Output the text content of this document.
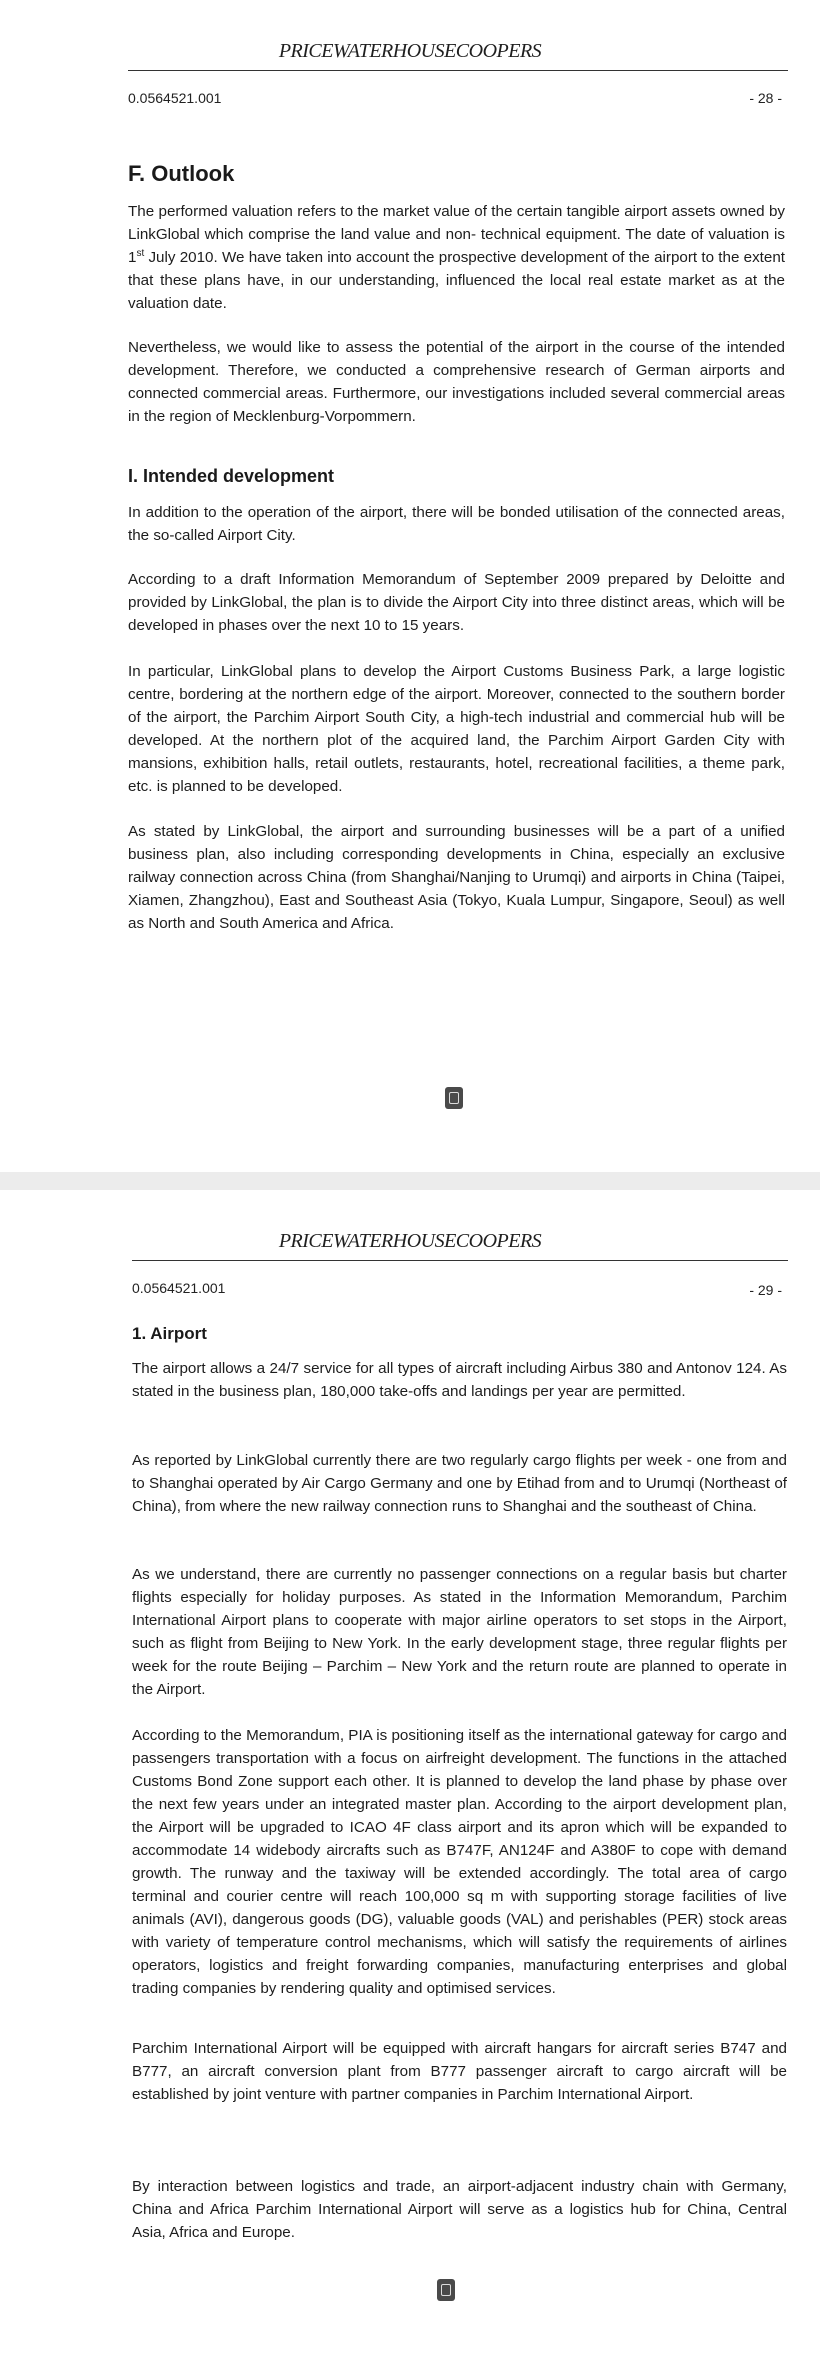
PRICEWATERHOUSECOOPERS
0.0564521.001	- 28 -
F. Outlook

The performed valuation refers to the market value of the certain tangible airport assets owned by LinkGlobal which comprise the land value and non- technical equipment. The date of valuation is 1st July 2010. We have taken into account the prospective development of the airport to the extent that these plans have, in our understanding, influenced the local real estate market as at the valuation date.

Nevertheless, we would like to assess the potential of the airport in the course of the intended development. Therefore, we conducted a comprehensive research of German airports and connected commercial areas. Furthermore, our investigations included several commercial areas in the region of Mecklenburg-Vorpommern.

I. Intended development

In addition to the operation of the airport, there will be bonded utilisation of the connected areas, the so-called Airport City.

According to a draft Information Memorandum of September 2009 prepared by Deloitte and provided by LinkGlobal, the plan is to divide the Airport City into three distinct areas, which will be developed in phases over the next 10 to 15 years.

In particular, LinkGlobal plans to develop the Airport Customs Business Park, a large logistic centre, bordering at the northern edge of the airport. Moreover, connected to the southern border of the airport, the Parchim Airport South City, a high-tech industrial and commercial hub will be developed. At the northern plot of the acquired land, the Parchim Airport Garden City with mansions, exhibition halls, retail outlets, restaurants, hotel, recreational facilities, a theme park, etc. is planned to be developed.

As stated by LinkGlobal, the airport and surrounding businesses will be a part of a unified business plan, also including corresponding developments in China, especially an exclusive railway connection across China (from Shanghai/Nanjing to Urumqi) and airports in China (Taipei, Xiamen, Zhangzhou), East and Southeast Asia (Tokyo, Kuala Lumpur, Singapore, Seoul) as well as North and South America and Africa.

PRICEWATERHOUSECOOPERS
0.0564521.001	- 29 -
1. Airport

The airport allows a 24/7 service for all types of aircraft including Airbus 380 and Antonov 124. As stated in the business plan, 180,000 take-offs and landings per year are permitted.

As reported by LinkGlobal currently there are two regularly cargo flights per week - one from and to Shanghai operated by Air Cargo Germany and one by Etihad from and to Urumqi (Northeast of China), from where the new railway connection runs to Shanghai and the southeast of China.

As we understand, there are currently no passenger connections on a regular basis but charter flights especially for holiday purposes. As stated in the Information Memorandum, Parchim International Airport plans to cooperate with major airline operators to set stops in the Airport, such as flight from Beijing to New York. In the early development stage, three regular flights per week for the route Beijing – Parchim – New York and the return route are planned to operate in the Airport.

According to the Memorandum, PIA is positioning itself as the international gateway for cargo and passengers transportation with a focus on airfreight development. The functions in the attached Customs Bond Zone support each other. It is planned to develop the land phase by phase over the next few years under an integrated master plan. According to the airport development plan, the Airport will be upgraded to ICAO 4F class airport and its apron which will be expanded to accommodate 14 widebody aircrafts such as B747F, AN124F and A380F to cope with demand growth. The runway and the taxiway will be extended accordingly. The total area of cargo terminal and courier centre will reach 100,000 sq m with supporting storage facilities of live animals (AVI), dangerous goods (DG), valuable goods (VAL) and perishables (PER) stock areas with variety of temperature control mechanisms, which will satisfy the requirements of airlines operators, logistics and freight forwarding companies, manufacturing enterprises and global trading companies by rendering quality and optimised services.

Parchim International Airport will be equipped with aircraft hangars for aircraft series B747 and B777, an aircraft conversion plant from B777 passenger aircraft to cargo aircraft will be established by joint venture with partner companies in Parchim International Airport.

By interaction between logistics and trade, an airport-adjacent industry chain with Germany, China and Africa Parchim International Airport will serve as a logistics hub for China, Central Asia, Africa and Europe.
